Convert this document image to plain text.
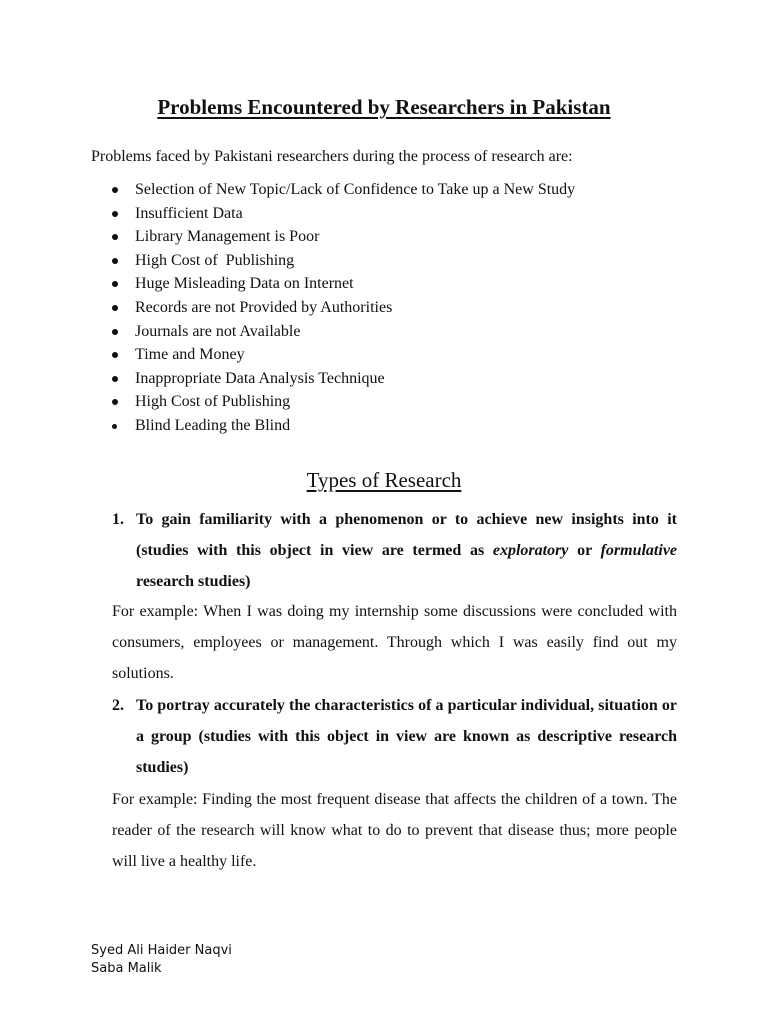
Problems Encountered by Researchers in Pakistan
Problems faced by Pakistani researchers during the process of research are:
Selection of New Topic/Lack of Confidence to Take up a New Study
Insufficient Data
Library Management is Poor
High Cost of  Publishing
Huge Misleading Data on Internet
Records are not Provided by Authorities
Journals are not Available
Time and Money
Inappropriate Data Analysis Technique
High Cost of Publishing
Blind Leading the Blind
Types of Research
1. To gain familiarity with a phenomenon or to achieve new insights into it (studies with this object in view are termed as exploratory or formulative research studies)
For example: When I was doing my internship some discussions were concluded with consumers, employees or management. Through which I was easily find out my solutions.
2. To portray accurately the characteristics of a particular individual, situation or a group (studies with this object in view are known as descriptive research studies)
For example: Finding the most frequent disease that affects the children of a town. The reader of the research will know what to do to prevent that disease thus; more people will live a healthy life.
Syed Ali Haider Naqvi
Saba Malik
